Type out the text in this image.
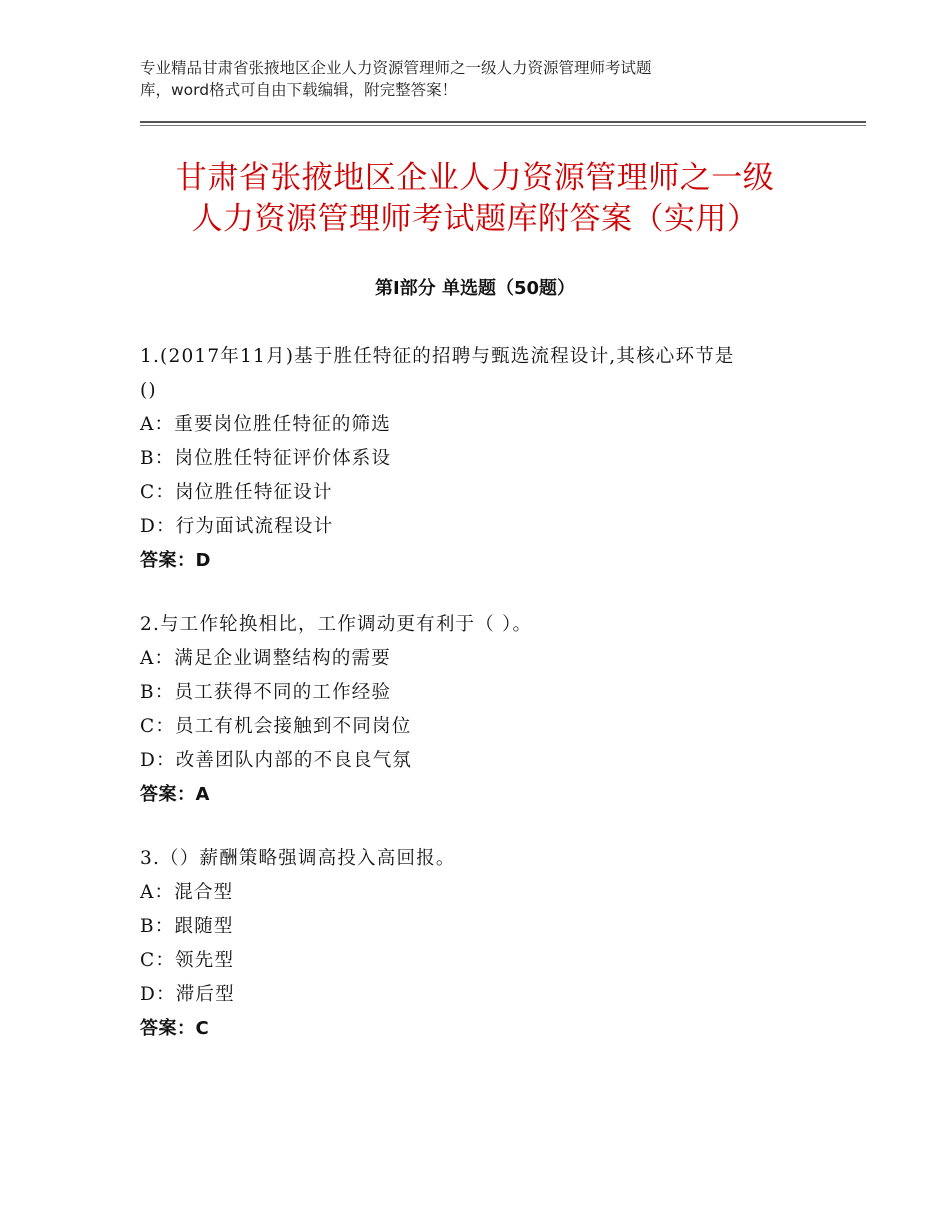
专业精品甘肃省张掖地区企业人力资源管理师之一级人力资源管理师考试题
库，word格式可自由下载编辑，附完整答案！
甘肃省张掖地区企业人力资源管理师之一级
人力资源管理师考试题库附答案（实用）
第Ⅰ部分 单选题（50题）
1.(2017年11月)基于胜任特征的招聘与甄选流程设计,其核心环节是
()
A：重要岗位胜任特征的筛选
B：岗位胜任特征评价体系设
C：岗位胜任特征设计
D：行为面试流程设计
答案：D
2.与工作轮换相比，工作调动更有利于（ ）。
A：满足企业调整结构的需要
B：员工获得不同的工作经验
C：员工有机会接触到不同岗位
D：改善团队内部的不良良气氛
答案：A
3.（）薪酬策略强调高投入高回报。
A：混合型
B：跟随型
C：领先型
D：滞后型
答案：C
